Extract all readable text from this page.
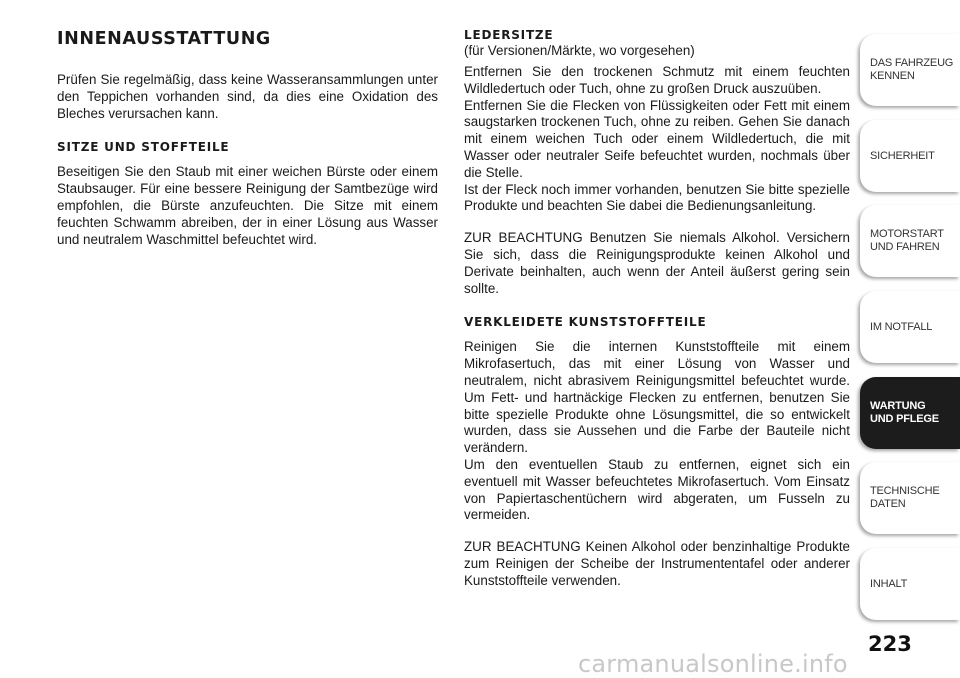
INNENAUSSTATTUNG

Prüfen Sie regelmäßig, dass keine Wasseransammlungen unter den Teppichen vorhanden sind, da dies eine Oxidation des Bleches verursachen kann.

SITZE UND STOFFTEILE

Beseitigen Sie den Staub mit einer weichen Bürste oder einem Staubsauger. Für eine bessere Reinigung der Samtbezüge wird empfohlen, die Bürste anzufeuchten. Die Sitze mit einem feuchten Schwamm abreiben, der in einer Lösung aus Wasser und neutralem Waschmittel befeuchtet wird.

LEDERSITZE
(für Versionen/Märkte, wo vorgesehen)

Entfernen Sie den trockenen Schmutz mit einem feuchten Wildledertuch oder Tuch, ohne zu großen Druck auszuüben.

Entfernen Sie die Flecken von Flüssigkeiten oder Fett mit einem saugstarken trockenen Tuch, ohne zu reiben. Gehen Sie danach mit einem weichen Tuch oder einem Wildledertuch, die mit Wasser oder neutraler Seife befeuchtet wurden, nochmals über die Stelle.

Ist der Fleck noch immer vorhanden, benutzen Sie bitte spezielle Produkte und beachten Sie dabei die Bedienungsanleitung.

ZUR BEACHTUNG Benutzen Sie niemals Alkohol. Versichern Sie sich, dass die Reinigungsprodukte keinen Alkohol und Derivate beinhalten, auch wenn der Anteil äußerst gering sein sollte.

VERKLEIDETE KUNSTSTOFFTEILE

Reinigen Sie die internen Kunststoffteile mit einem Mikrofasertuch, das mit einer Lösung von Wasser und neutralem, nicht abrasivem Reinigungsmittel befeuchtet wurde. Um Fett- und hartnäckige Flecken zu entfernen, benutzen Sie bitte spezielle Produkte ohne Lösungsmittel, die so entwickelt wurden, dass sie Aussehen und die Farbe der Bauteile nicht verändern.

Um den eventuellen Staub zu entfernen, eignet sich ein eventuell mit Wasser befeuchtetes Mikrofasertuch. Vom Einsatz von Papiertaschentüchern wird abgeraten, um Fusseln zu vermeiden.

ZUR BEACHTUNG Keinen Alkohol oder benzinhaltige Produkte zum Reinigen der Scheibe der Instrumententafel oder anderer Kunststoffteile verwenden.

DAS FAHRZEUG
KENNEN
SICHERHEIT
MOTORSTART
UND FAHREN
IM NOTFALL
WARTUNG
UND PFLEGE
TECHNISCHE
DATEN
INHALT
223
carmanualsonline.info
